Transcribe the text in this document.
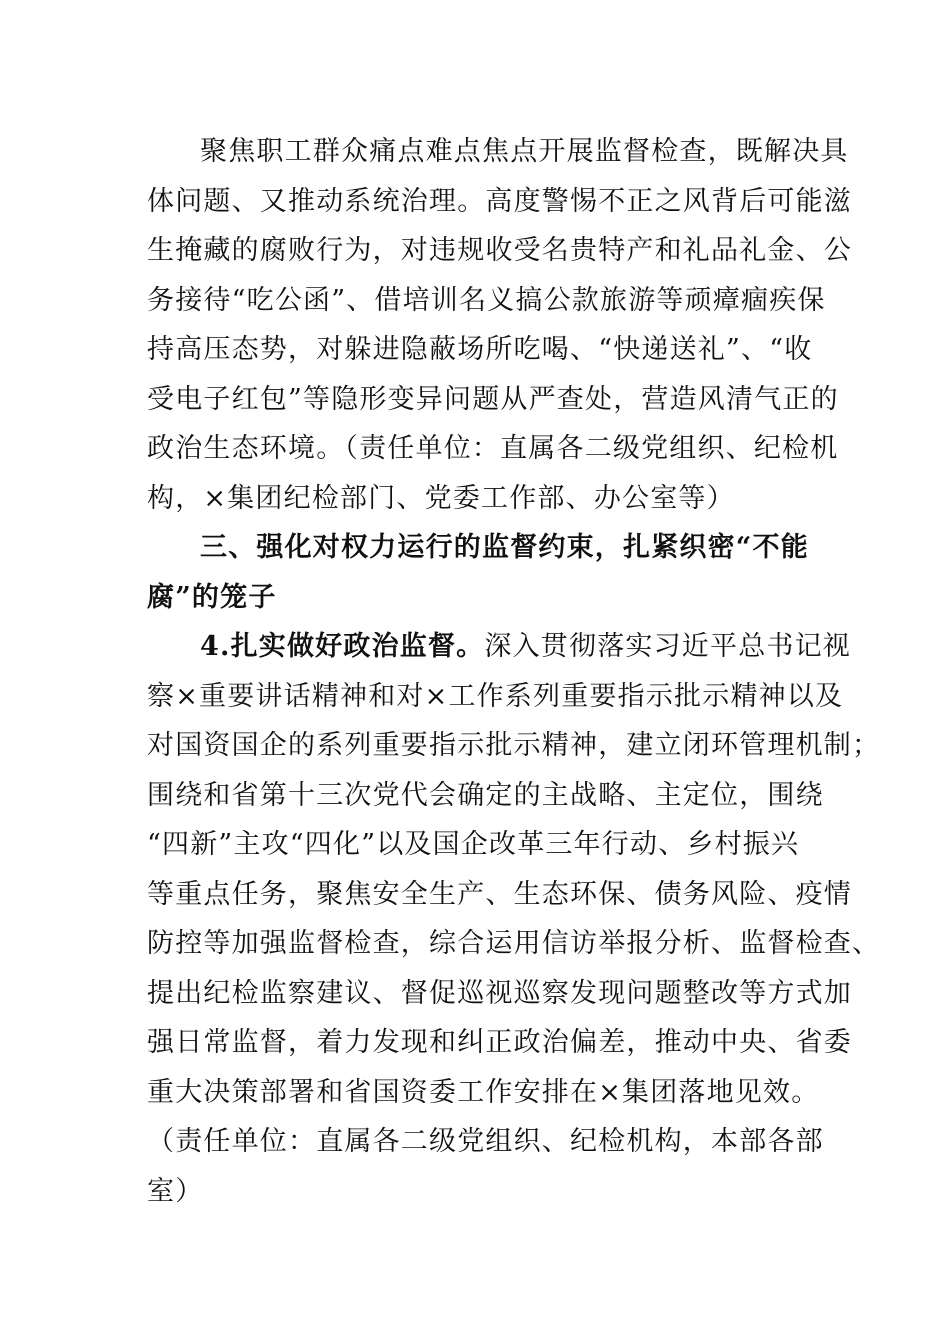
聚焦职工群众痛点难点焦点开展监督检查，既解决具
体问题、又推动系统治理。高度警惕不正之风背后可能滋
生掩藏的腐败行为，对违规收受名贵特产和礼品礼金、公
务接待“吃公函”、借培训名义搞公款旅游等顽瘴痼疾保
持高压态势，对躲进隐蔽场所吃喝、“快递送礼”、“收
受电子红包”等隐形变异问题从严查处，营造风清气正的
政治生态环境。（责任单位：直属各二级党组织、纪检机
构，×集团纪检部门、党委工作部、办公室等）
三、强化对权力运行的监督约束，扎紧织密“不能
腐”的笼子
4.扎实做好政治监督。深入贯彻落实习近平总书记视
察×重要讲话精神和对×工作系列重要指示批示精神以及
对国资国企的系列重要指示批示精神，建立闭环管理机制；
围绕和省第十三次党代会确定的主战略、主定位，围绕
“四新”主攻“四化”以及国企改革三年行动、乡村振兴
等重点任务，聚焦安全生产、生态环保、债务风险、疫情
防控等加强监督检查，综合运用信访举报分析、监督检查、
提出纪检监察建议、督促巡视巡察发现问题整改等方式加
强日常监督，着力发现和纠正政治偏差，推动中央、省委
重大决策部署和省国资委工作安排在×集团落地见效。
（责任单位：直属各二级党组织、纪检机构，本部各部
室）
